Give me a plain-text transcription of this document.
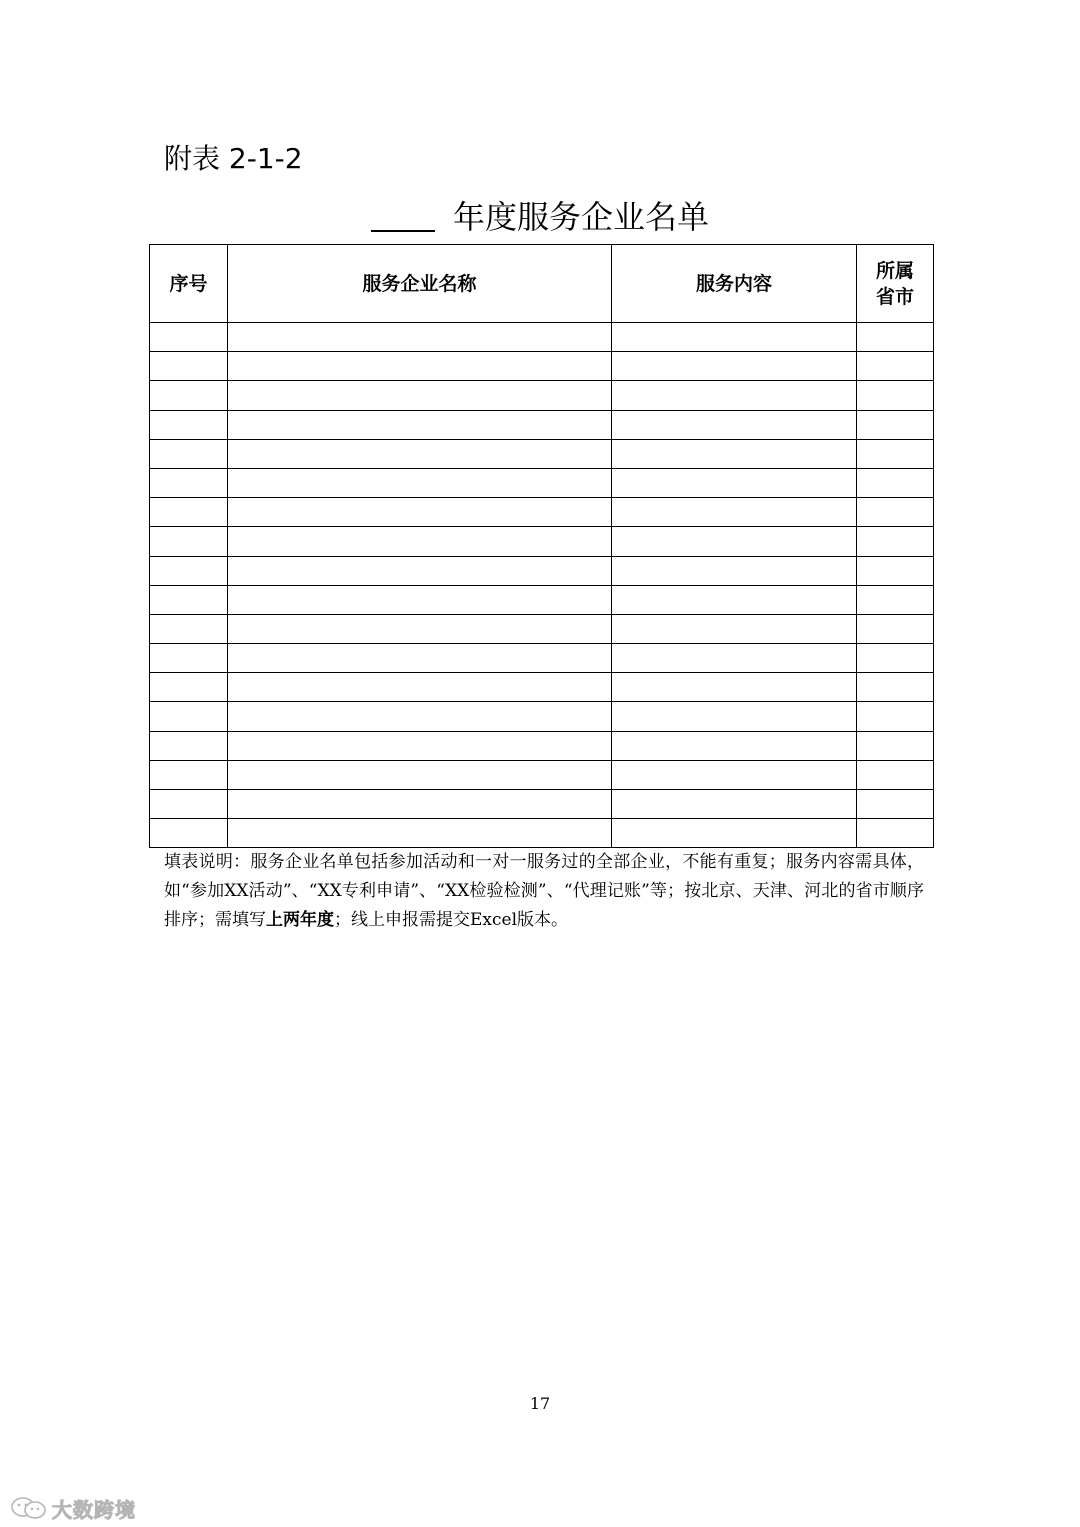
附表 2-1-2
年度服务企业名单
序号	服务企业名称	服务内容	所属
省市

填表说明：服务企业名单包括参加活动和一对一服务过的全部企业，不能有重复；服务内容需具体，如“参加XX活动”、“XX专利申请”、“XX检验检测”、“代理记账”等；按北京、天津、河北的省市顺序排序；需填写上两年度；线上申报需提交Excel版本。
17
大数跨境
